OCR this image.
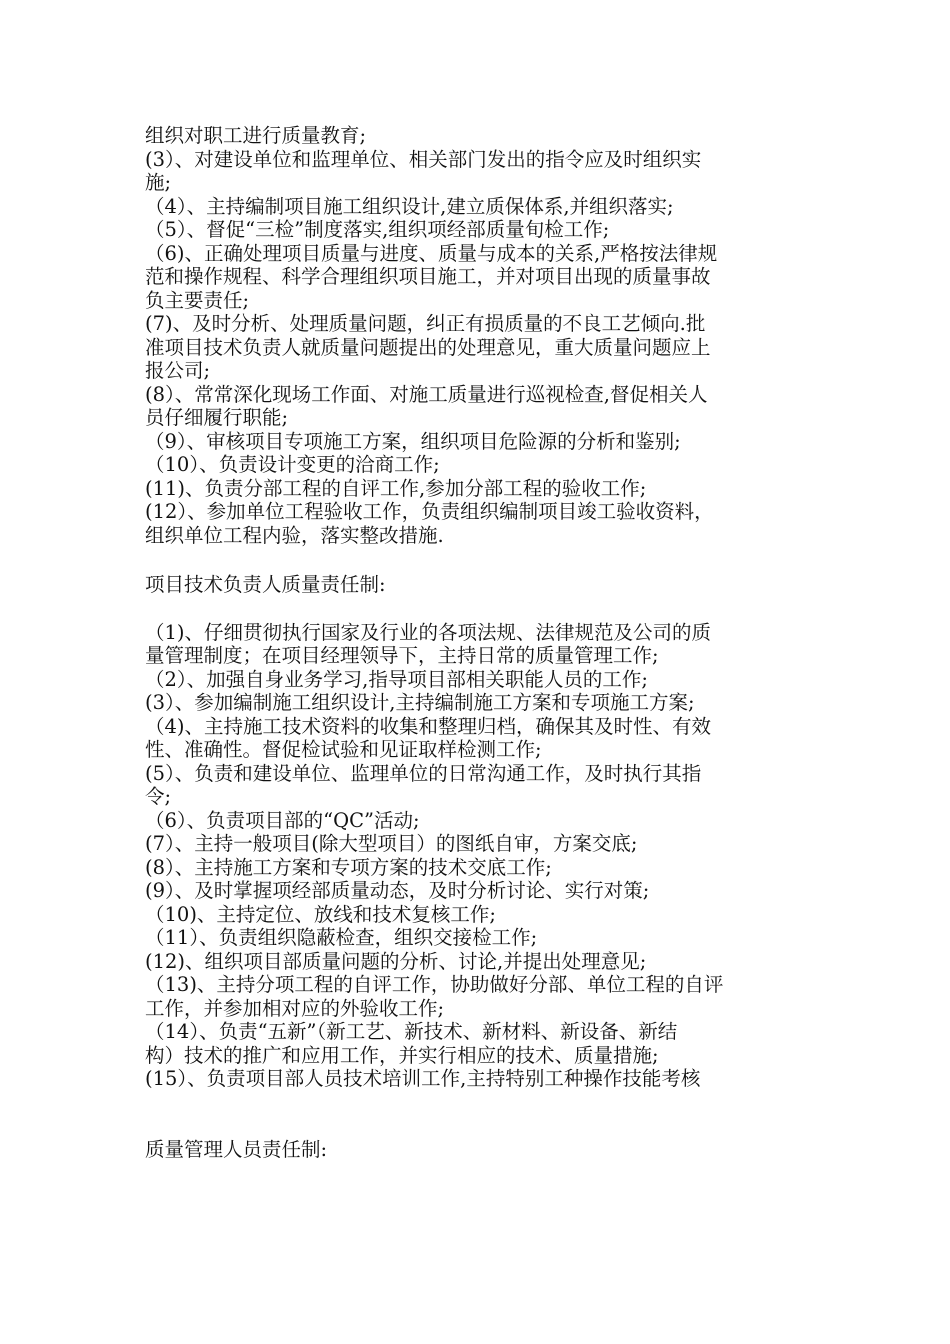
组织对职工进行质量教育;

(3）、对建设单位和监理单位、相关部门发出的指令应及时组织实

施;

（4）、主持编制项目施工组织设计,建立质保体系,并组织落实;

（5）、督促“三检”制度落实,组织项经部质量旬检工作;

（6)、正确处理项目质量与进度、质量与成本的关系,严格按法律规

范和操作规程、科学合理组织项目施工，并对项目出现的质量事故

负主要责任;

(7)、及时分析、处理质量问题，纠正有损质量的不良工艺倾向.批

准项目技术负责人就质量问题提出的处理意见，重大质量问题应上

报公司;

(8）、常常深化现场工作面、对施工质量进行巡视检查,督促相关人

员仔细履行职能;

（9）、审核项目专项施工方案，组织项目危险源的分析和鉴别;

（10）、负责设计变更的洽商工作;

(11)、负责分部工程的自评工作,参加分部工程的验收工作;

(12）、参加单位工程验收工作，负责组织编制项目竣工验收资料，

组织单位工程内验，落实整改措施.

项目技术负责人质量责任制:

（1)、仔细贯彻执行国家及行业的各项法规、法律规范及公司的质

量管理制度；在项目经理领导下，主持日常的质量管理工作;

（2）、加强自身业务学习,指导项目部相关职能人员的工作;

(3）、参加编制施工组织设计,主持编制施工方案和专项施工方案;

（4)、主持施工技术资料的收集和整理归档，确保其及时性、有效

性、准确性。督促检试验和见证取样检测工作;

(5）、负责和建设单位、监理单位的日常沟通工作，及时执行其指

令;

（6）、负责项目部的“QC”活动;

(7）、主持一般项目(除大型项目）的图纸自审，方案交底;

(8）、主持施工方案和专项方案的技术交底工作;

(9）、及时掌握项经部质量动态，及时分析讨论、实行对策;

（10)、主持定位、放线和技术复核工作;

（11）、负责组织隐蔽检查，组织交接检工作;

(12)、组织项目部质量问题的分析、讨论,并提出处理意见;

（13)、主持分项工程的自评工作，协助做好分部、单位工程的自评

工作，并参加相对应的外验收工作;

（14）、负责“五新”（新工艺、新技术、新材料、新设备、新结

构）技术的推广和应用工作，并实行相应的技术、质量措施;

(15）、负责项目部人员技术培训工作,主持特别工种操作技能考核

质量管理人员责任制:
